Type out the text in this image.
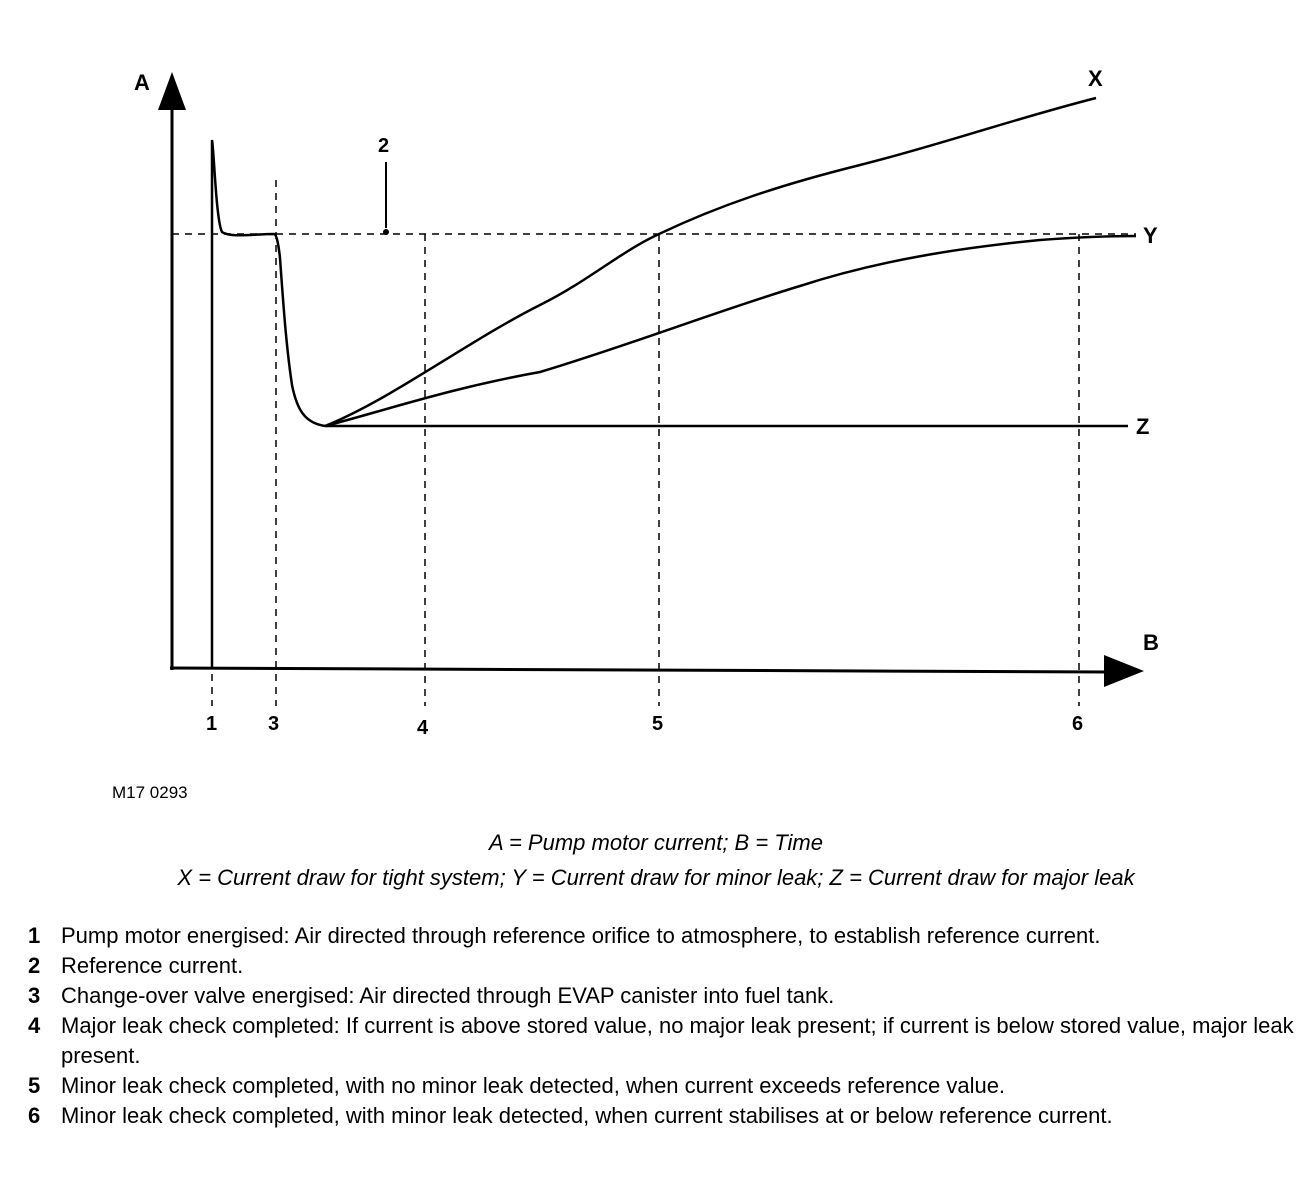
A
B
2
1	3	4	5	6
X
Y
Z
M17 0293
A = Pump motor current; B = Time
X = Current draw for tight system; Y = Current draw for minor leak; Z = Current draw for major leak
1 Pump motor energised: Air directed through reference orifice to atmosphere, to establish reference current.
2 Reference current.
3 Change-over valve energised: Air directed through EVAP canister into fuel tank.
4 Major leak check completed: If current is above stored value, no major leak present; if current is below stored value, major leak present.
5 Minor leak check completed, with no minor leak detected, when current exceeds reference value.
6 Minor leak check completed, with minor leak detected, when current stabilises at or below reference current.
